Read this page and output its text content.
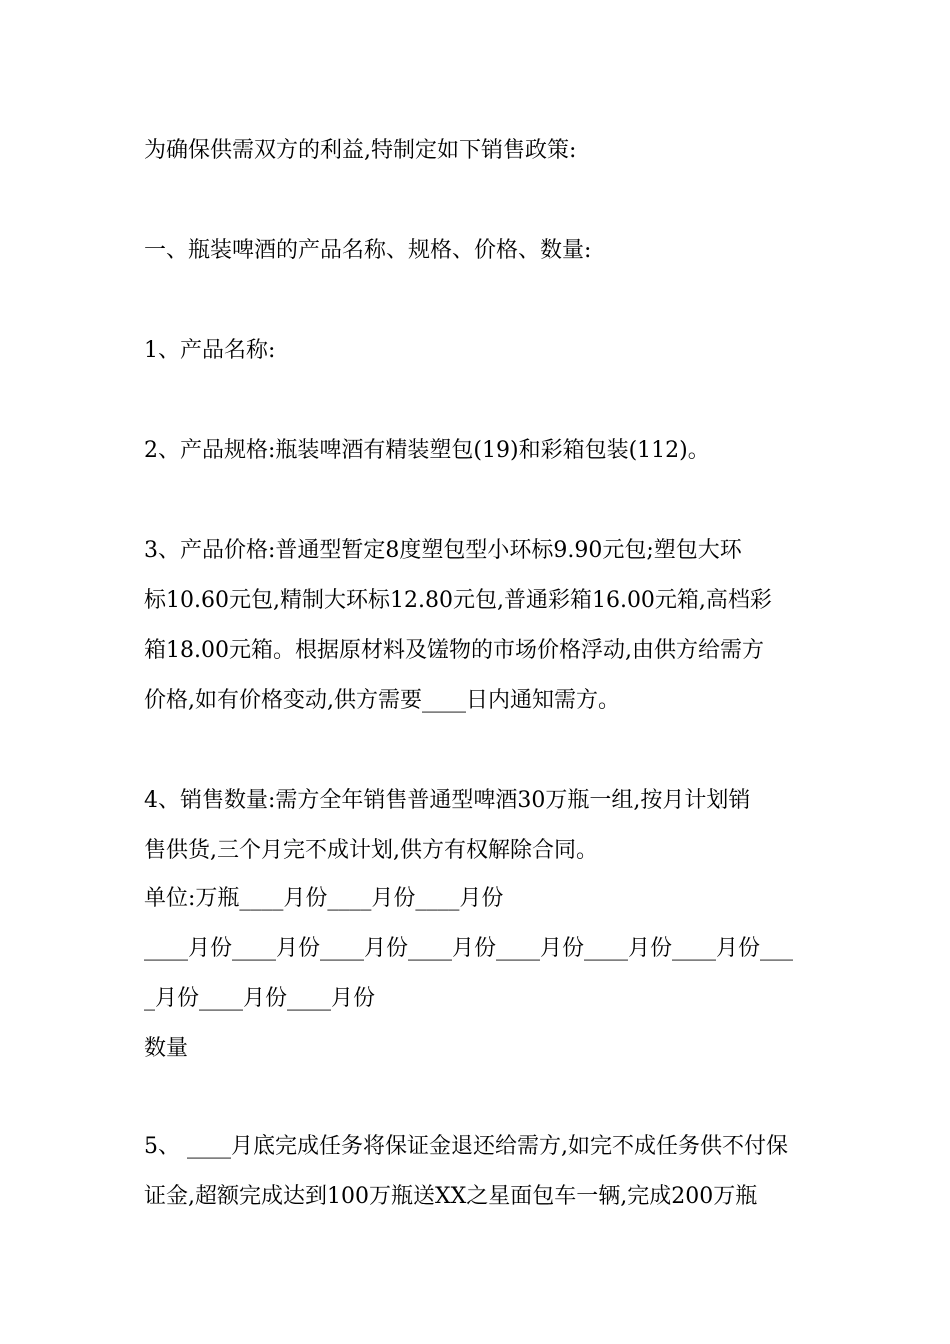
为确保供需双方的利益,特制定如下销售政策:
一、瓶装啤酒的产品名称、规格、价格、数量:
1、产品名称:
2、产品规格:瓶装啤酒有精装塑包(19)和彩箱包装(112)。
3、产品价格:普通型暂定8度塑包型小环标9.90元包;塑包大环
标10.60元包,精制大环标12.80元包,普通彩箱16.00元箱,高档彩
箱18.00元箱。根据原材料及馐物的市场价格浮动,由供方给需方
价格,如有价格变动,供方需要____日内通知需方。
4、销售数量:需方全年销售普通型啤酒30万瓶一组,按月计划销
售供货,三个月完不成计划,供方有权解除合同。
单位:万瓶____月份____月份____月份
____月份____月份____月份____月份____月份____月份____月份___
_月份____月份____月份
数量
5、 ____月底完成任务将保证金退还给需方,如完不成任务供不付保
证金,超额完成达到100万瓶送XX之星面包车一辆,完成200万瓶
